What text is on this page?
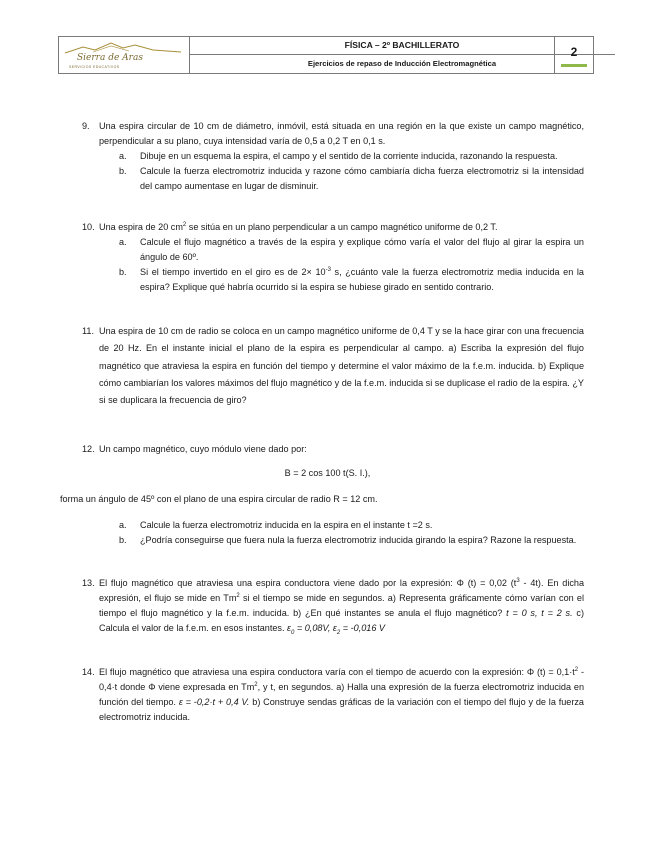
Sierra de Aras
SERVICIOS EDUCATIVOS
FÍSICA – 2º BACHILLERATO
Ejercicios de repaso de Inducción Electromagnética
2
9. Una espira circular de 10 cm de diámetro, inmóvil, está situada en una región en la que existe un campo magnético, perpendicular a su plano, cuya intensidad varía de 0,5 a 0,2 T en 0,1 s.
a. Dibuje en un esquema la espira, el campo y el sentido de la corriente inducida, razonando la respuesta.
b. Calcule la fuerza electromotriz inducida y razone cómo cambiaría dicha fuerza electromotriz si la intensidad del campo aumentase en lugar de disminuir.
10. Una espira de 20 $cm^2$ se sitúa en un plano perpendicular a un campo magnético uniforme de 0,2 T.
a. Calcule el flujo magnético a través de la espira y explique cómo varía el valor del flujo al girar la espira un ángulo de 60º.
b. Si el tiempo invertido en el giro es de $2\times 10^{-3}$ s, ¿cuánto vale la fuerza electromotriz media inducida en la espira? Explique qué habría ocurrido si la espira se hubiese girado en sentido contrario.
11. Una espira de 10 cm de radio se coloca en un campo magnético uniforme de 0,4 T y se la hace girar con una frecuencia de 20 Hz. En el instante inicial el plano de la espira es perpendicular al campo. a) Escriba la expresión del flujo magnético que atraviesa la espira en función del tiempo y determine el valor máximo de la f.e.m. inducida. b) Explique cómo cambiarían los valores máximos del flujo magnético y de la f.e.m. inducida si se duplicase el radio de la espira. ¿Y si se duplicara la frecuencia de giro?
12. Un campo magnético, cuyo módulo viene dado por:
B = 2 cos 100 t(S. I.),
forma un ángulo de 45º con el plano de una espira circular de radio R = 12 cm.
a. Calcule la fuerza electromotriz inducida en la espira en el instante t =2 s.
b. ¿Podría conseguirse que fuera nula la fuerza electromotriz inducida girando la espira? Razone la respuesta.
13. El flujo magnético que atraviesa una espira conductora viene dado por la expresión: Φ (t) = 0,02 $(t^3 - 4t)$. En dicha expresión, el flujo se mide en Tm$^2$ si el tiempo se mide en segundos. a) Representa gráficamente cómo varían con el tiempo el flujo magnético y la f.e.m. inducida. b) ¿En qué instantes se anula el flujo magnético? t = 0 s, t = 2 s. c) Calcula el valor de la f.e.m. en esos instantes. $\varepsilon_0 = 0,08V$, $\varepsilon_2 = -0,016$ V
14. El flujo magnético que atraviesa una espira conductora varía con el tiempo de acuerdo con la expresión: Φ $(t) = 0,1\cdot t^2 - 0,4\cdot t$ donde Φ viene expresada en Tm$^2$, y t, en segundos. a) Halla una expresión de la fuerza electromotriz inducida en función del tiempo. ε = -0,2·t + 0,4 V. b) Construye sendas gráficas de la variación con el tiempo del flujo y de la fuerza electromotriz inducida.
